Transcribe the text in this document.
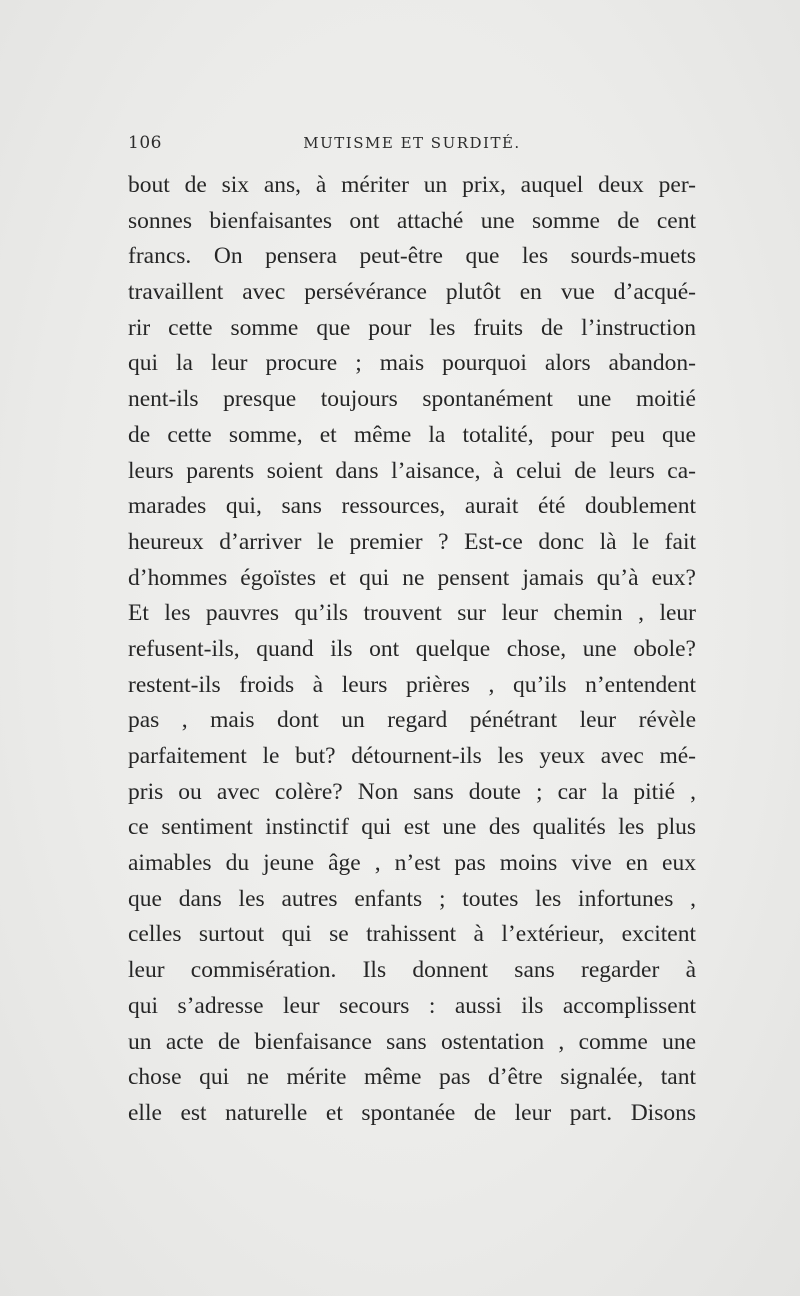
106	MUTISME ET SURDITÉ.
bout de six ans, à mériter un prix, auquel deux per-
sonnes bienfaisantes ont attaché une somme de cent
francs. On pensera peut-être que les sourds-muets
travaillent avec persévérance plutôt en vue d’acqué-
rir cette somme que pour les fruits de l’instruction
qui la leur procure ; mais pourquoi alors abandon-
nent-ils presque toujours spontanément une moitié
de cette somme, et même la totalité, pour peu que
leurs parents soient dans l’aisance, à celui de leurs ca-
marades qui, sans ressources, aurait été doublement
heureux d’arriver le premier ? Est-ce donc là le fait
d’hommes égoïstes et qui ne pensent jamais qu’à eux?
Et les pauvres qu’ils trouvent sur leur chemin , leur
refusent-ils, quand ils ont quelque chose, une obole?
restent-ils froids à leurs prières , qu’ils n’entendent
pas , mais dont un regard pénétrant leur révèle
parfaitement le but? détournent-ils les yeux avec mé-
pris ou avec colère? Non sans doute ; car la pitié ,
ce sentiment instinctif qui est une des qualités les plus
aimables du jeune âge , n’est pas moins vive en eux
que dans les autres enfants ; toutes les infortunes ,
celles surtout qui se trahissent à l’extérieur, excitent
leur commisération. Ils donnent sans regarder à
qui s’adresse leur secours : aussi ils accomplissent
un acte de bienfaisance sans ostentation , comme une
chose qui ne mérite même pas d’être signalée, tant
elle est naturelle et spontanée de leur part. Disons
